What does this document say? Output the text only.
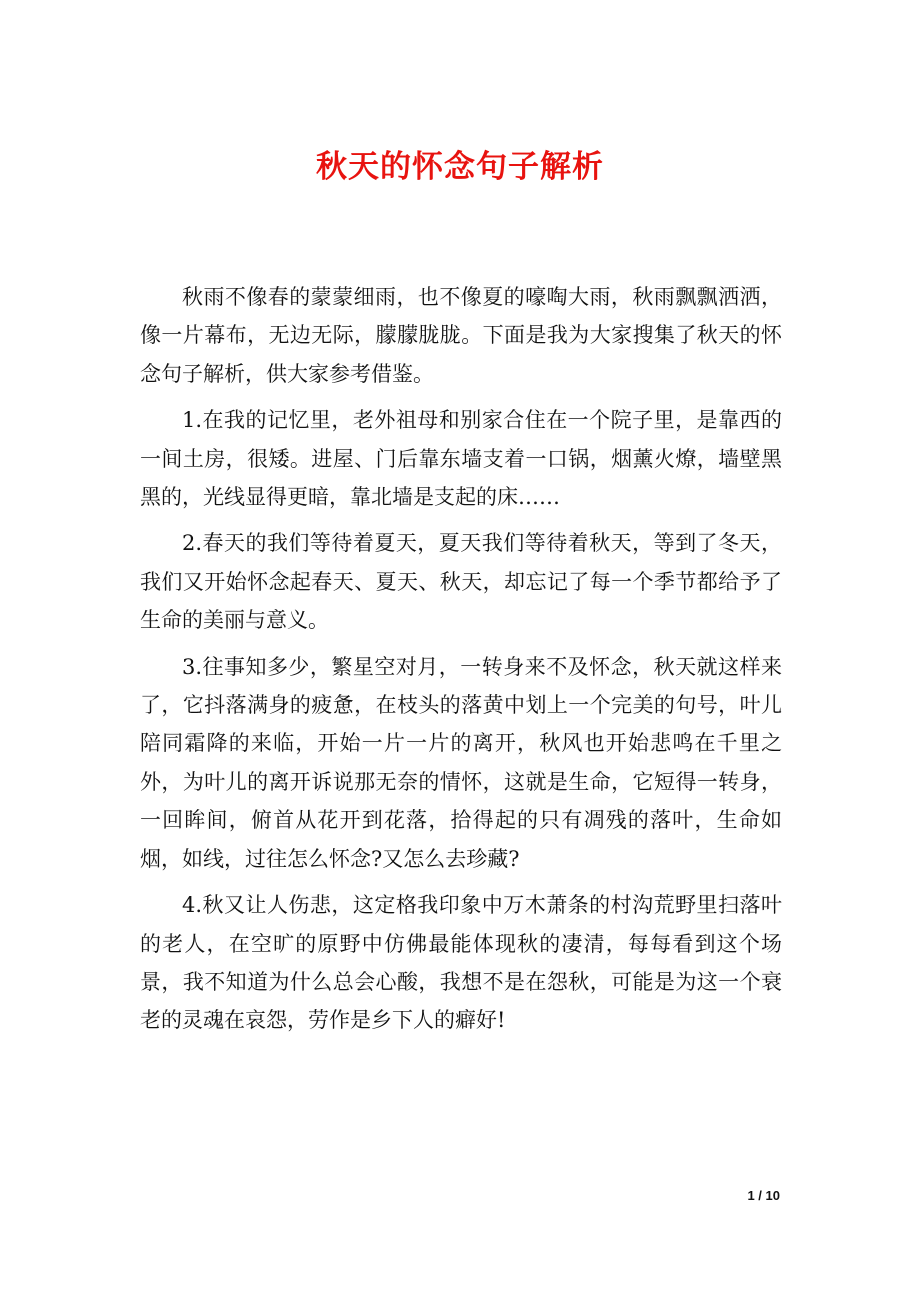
秋天的怀念句子解析

秋雨不像春的蒙蒙细雨，也不像夏的嚎啕大雨，秋雨飘飘洒洒，像一片幕布，无边无际，朦朦胧胧。下面是我为大家搜集了秋天的怀念句子解析，供大家参考借鉴。

1.在我的记忆里，老外祖母和别家合住在一个院子里，是靠西的一间土房，很矮。进屋、门后靠东墙支着一口锅，烟薰火燎，墙壁黑黑的，光线显得更暗，靠北墙是支起的床……

2.春天的我们等待着夏天，夏天我们等待着秋天，等到了冬天，我们又开始怀念起春天、夏天、秋天，却忘记了每一个季节都给予了生命的美丽与意义。

3.往事知多少，繁星空对月，一转身来不及怀念，秋天就这样来了，它抖落满身的疲惫，在枝头的落黄中划上一个完美的句号，叶儿陪同霜降的来临，开始一片一片的离开，秋风也开始悲鸣在千里之外，为叶儿的离开诉说那无奈的情怀，这就是生命，它短得一转身，一回眸间，俯首从花开到花落，拾得起的只有凋残的落叶，生命如烟，如线，过往怎么怀念?又怎么去珍藏?

4.秋又让人伤悲，这定格我印象中万木萧条的村沟荒野里扫落叶的老人，在空旷的原野中仿佛最能体现秋的凄清，每每看到这个场景，我不知道为什么总会心酸，我想不是在怨秋，可能是为这一个衰老的灵魂在哀怨，劳作是乡下人的癖好!

1 / 10
